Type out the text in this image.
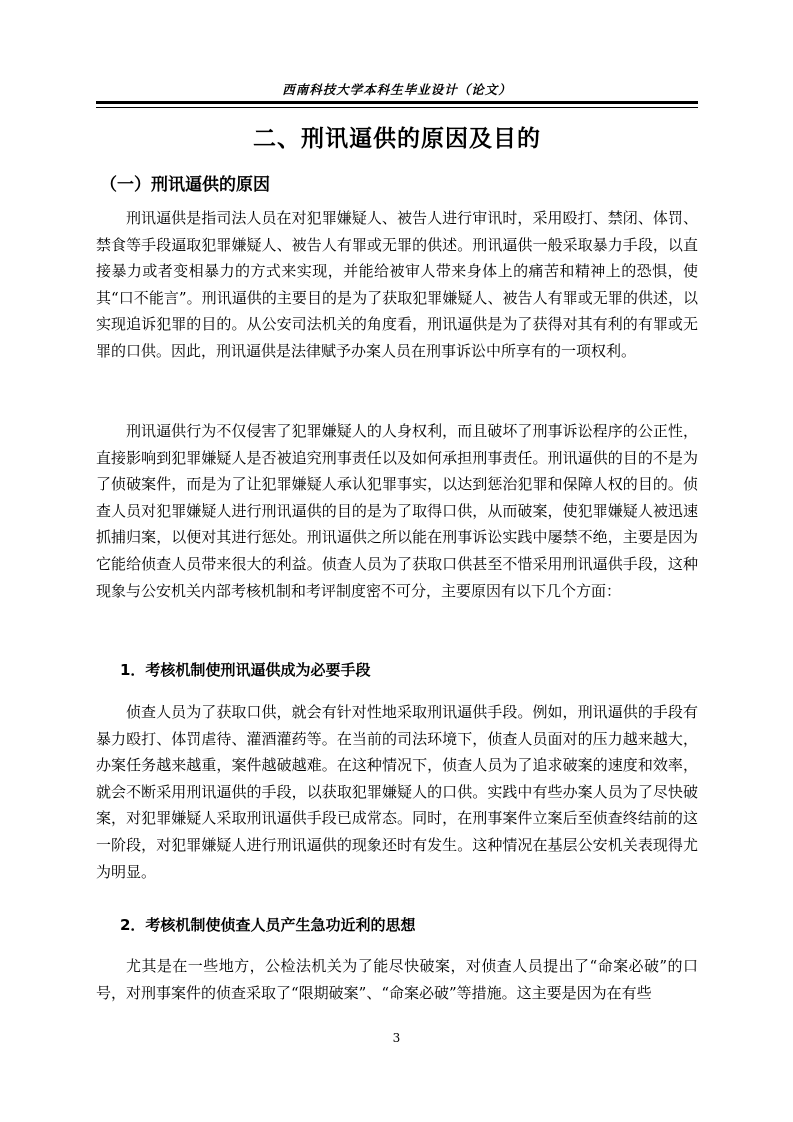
西南科技大学本科生毕业设计（论文）
二、刑讯逼供的原因及目的
（一）刑讯逼供的原因

刑讯逼供是指司法人员在对犯罪嫌疑人、被告人进行审讯时，采用殴打、禁闭、体罚、禁食等手段逼取犯罪嫌疑人、被告人有罪或无罪的供述。刑讯逼供一般采取暴力手段，以直接暴力或者变相暴力的方式来实现，并能给被审人带来身体上的痛苦和精神上的恐惧，使其“口不能言”。刑讯逼供的主要目的是为了获取犯罪嫌疑人、被告人有罪或无罪的供述，以实现追诉犯罪的目的。从公安司法机关的角度看，刑讯逼供是为了获得对其有利的有罪或无罪的口供。因此，刑讯逼供是法律赋予办案人员在刑事诉讼中所享有的一项权利。

刑讯逼供行为不仅侵害了犯罪嫌疑人的人身权利，而且破坏了刑事诉讼程序的公正性，直接影响到犯罪嫌疑人是否被追究刑事责任以及如何承担刑事责任。刑讯逼供的目的不是为了侦破案件，而是为了让犯罪嫌疑人承认犯罪事实，以达到惩治犯罪和保障人权的目的。侦查人员对犯罪嫌疑人进行刑讯逼供的目的是为了取得口供，从而破案，使犯罪嫌疑人被迅速抓捕归案，以便对其进行惩处。刑讯逼供之所以能在刑事诉讼实践中屡禁不绝，主要是因为它能给侦查人员带来很大的利益。侦查人员为了获取口供甚至不惜采用刑讯逼供手段，这种现象与公安机关内部考核机制和考评制度密不可分，主要原因有以下几个方面：

1．考核机制使刑讯逼供成为必要手段

侦查人员为了获取口供，就会有针对性地采取刑讯逼供手段。例如，刑讯逼供的手段有暴力殴打、体罚虐待、灌酒灌药等。在当前的司法环境下，侦查人员面对的压力越来越大，办案任务越来越重，案件越破越难。在这种情况下，侦查人员为了追求破案的速度和效率，就会不断采用刑讯逼供的手段，以获取犯罪嫌疑人的口供。实践中有些办案人员为了尽快破案，对犯罪嫌疑人采取刑讯逼供手段已成常态。同时，在刑事案件立案后至侦查终结前的这一阶段，对犯罪嫌疑人进行刑讯逼供的现象还时有发生。这种情况在基层公安机关表现得尤为明显。

2．考核机制使侦查人员产生急功近利的思想

尤其是在一些地方，公检法机关为了能尽快破案，对侦查人员提出了“命案必破”的口号，对刑事案件的侦查采取了“限期破案”、“命案必破”等措施。这主要是因为在有些

3
